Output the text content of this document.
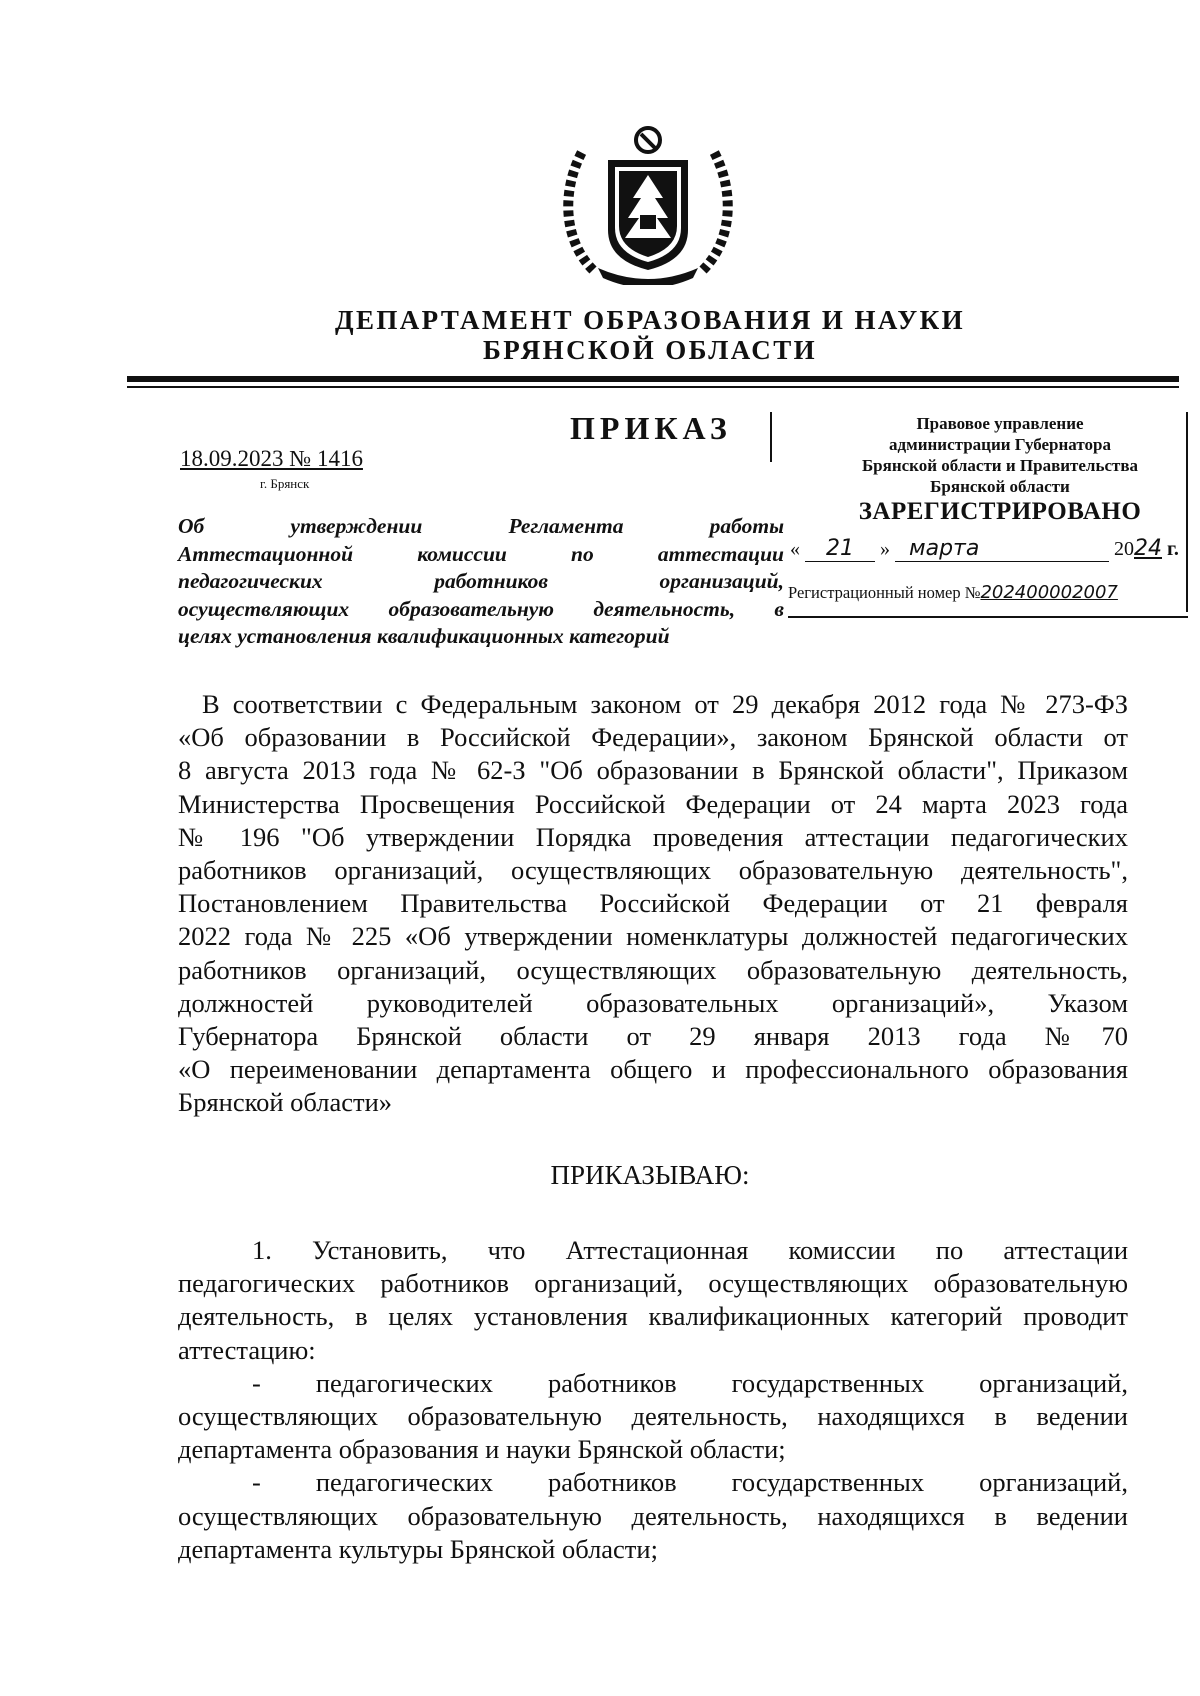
ДЕПАРТАМЕНТ ОБРАЗОВАНИЯ И НАУКИ
БРЯНСКОЙ ОБЛАСТИ
ПРИКАЗ
18.09.2023 № 1416
г. Брянск
Об утверждении Регламента работы
Аттестационной комиссии по аттестации
педагогических работников организаций,
осуществляющих образовательную деятельность, в
целях установления квалификационных категорий
Правовое управление
администрации Губернатора
Брянской области и Правительства
Брянской области
ЗАРЕГИСТРИРОВАНО
« 21 » марта	2024 г.
Регистрационный номер №202400002007
В соответствии с Федеральным законом от 29 декабря 2012 года № 273-ФЗ
«Об образовании в Российской Федерации», законом Брянской области от
8 августа 2013 года № 62-З "Об образовании в Брянской области", Приказом
Министерства Просвещения Российской Федерации от 24 марта 2023 года
№ 196 "Об утверждении Порядка проведения аттестации педагогических
работников организаций, осуществляющих образовательную деятельность",
Постановлением Правительства Российской Федерации от 21 февраля
2022 года № 225 «Об утверждении номенклатуры должностей педагогических
работников организаций, осуществляющих образовательную деятельность,
должностей руководителей образовательных организаций», Указом
Губернатора Брянской области от 29 января 2013 года №70
«О переименовании департамента общего и профессионального образования
Брянской области»
ПРИКАЗЫВАЮ:
1. Установить, что Аттестационная комиссии по аттестации
педагогических работников организаций, осуществляющих образовательную
деятельность, в целях установления квалификационных категорий проводит
аттестацию:
- педагогических работников государственных организаций,
осуществляющих образовательную деятельность, находящихся в ведении
департамента образования и науки Брянской области;
- педагогических работников государственных организаций,
осуществляющих образовательную деятельность, находящихся в ведении
департамента культуры Брянской области;
